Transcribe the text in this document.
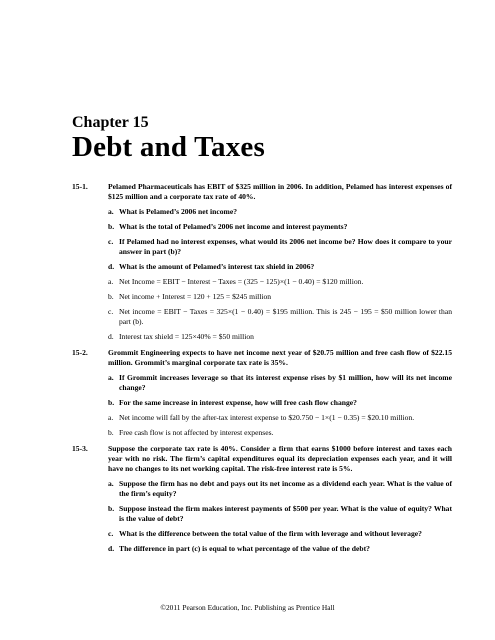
Chapter 15
Debt and Taxes
15-1.	Pelamed Pharmaceuticals has EBIT of $325 million in 2006. In addition, Pelamed has interest expenses of $125 million and a corporate tax rate of 40%.
a. What is Pelamed’s 2006 net income?
b. What is the total of Pelamed’s 2006 net income and interest payments?
c. If Pelamed had no interest expenses, what would its 2006 net income be? How does it compare to your answer in part (b)?
d. What is the amount of Pelamed’s interest tax shield in 2006?
a. Net Income = EBIT − Interest − Taxes = (325 − 125)×(1 − 0.40) = $120 million.
b. Net income + Interest = 120 + 125 = $245 million
c. Net income = EBIT − Taxes = 325×(1 − 0.40) = $195 million. This is 245 − 195 = $50 million lower than part (b).
d. Interest tax shield = 125×40% = $50 million
15-2.	Grommit Engineering expects to have net income next year of $20.75 million and free cash flow of $22.15 million. Grommit’s marginal corporate tax rate is 35%.
a. If Grommit increases leverage so that its interest expense rises by $1 million, how will its net income change?
b. For the same increase in interest expense, how will free cash flow change?
a. Net income will fall by the after-tax interest expense to $20.750 − 1×(1 − 0.35) = $20.10 million.
b. Free cash flow is not affected by interest expenses.
15-3.	Suppose the corporate tax rate is 40%. Consider a firm that earns $1000 before interest and taxes each year with no risk. The firm’s capital expenditures equal its depreciation expenses each year, and it will have no changes to its net working capital. The risk-free interest rate is 5%.
a. Suppose the firm has no debt and pays out its net income as a dividend each year. What is the value of the firm’s equity?
b. Suppose instead the firm makes interest payments of $500 per year. What is the value of equity? What is the value of debt?
c. What is the difference between the total value of the firm with leverage and without leverage?
d. The difference in part (c) is equal to what percentage of the value of the debt?
©2011 Pearson Education, Inc. Publishing as Prentice Hall
